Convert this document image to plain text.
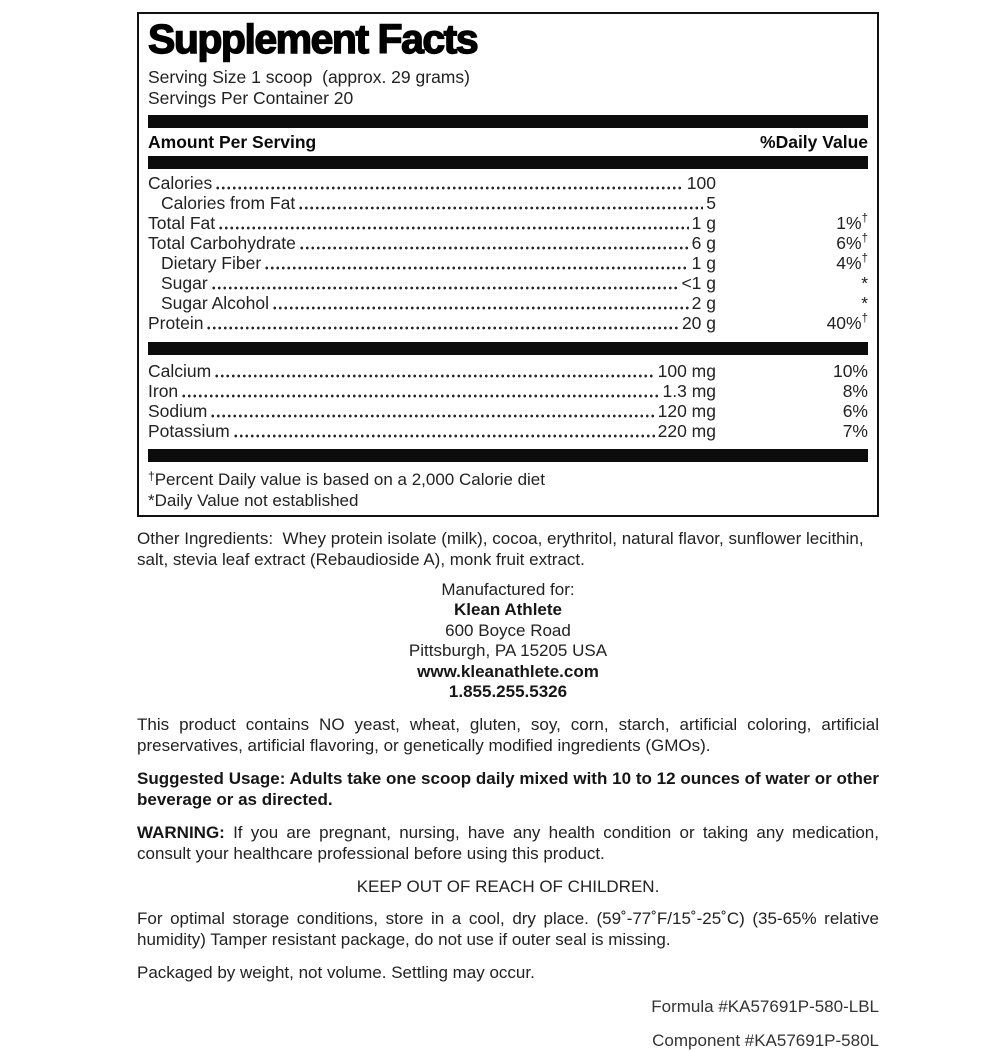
Supplement Facts
Serving Size 1 scoop  (approx. 29 grams)
Servings Per Container 20
Amount Per Serving	%Daily Value
Calories	100
Calories from Fat	5
Total Fat	1 g	1%†
Total Carbohydrate	6 g	6%†
Dietary Fiber	1 g	4%†
Sugar	<1 g	*
Sugar Alcohol	2 g	*
Protein	20 g	40%†
Calcium	100 mg	10%
Iron	1.3 mg	8%
Sodium	120 mg	6%
Potassium	220 mg	7%
†Percent Daily value is based on a 2,000 Calorie diet
*Daily Value not established

Other Ingredients:  Whey protein isolate (milk), cocoa, erythritol, natural flavor, sunflower lecithin, salt, stevia leaf extract (Rebaudioside A), monk fruit extract.

Manufactured for:
Klean Athlete
600 Boyce Road
Pittsburgh, PA 15205 USA
www.kleanathlete.com
1.855.255.5326

This product contains NO yeast, wheat, gluten, soy, corn, starch, artificial coloring, artificial preservatives, artificial flavoring, or genetically modified ingredients (GMOs).

Suggested Usage: Adults take one scoop daily mixed with 10 to 12 ounces of water or other beverage or as directed.

WARNING: If you are pregnant, nursing, have any health condition or taking any medication, consult your healthcare professional before using this product.

KEEP OUT OF REACH OF CHILDREN.

For optimal storage conditions, store in a cool, dry place. (59˚-77˚F/15˚-25˚C) (35-65% relative humidity) Tamper resistant package, do not use if outer seal is missing.

Packaged by weight, not volume. Settling may occur.

Formula #KA57691P-580-LBL
Component #KA57691P-580L
